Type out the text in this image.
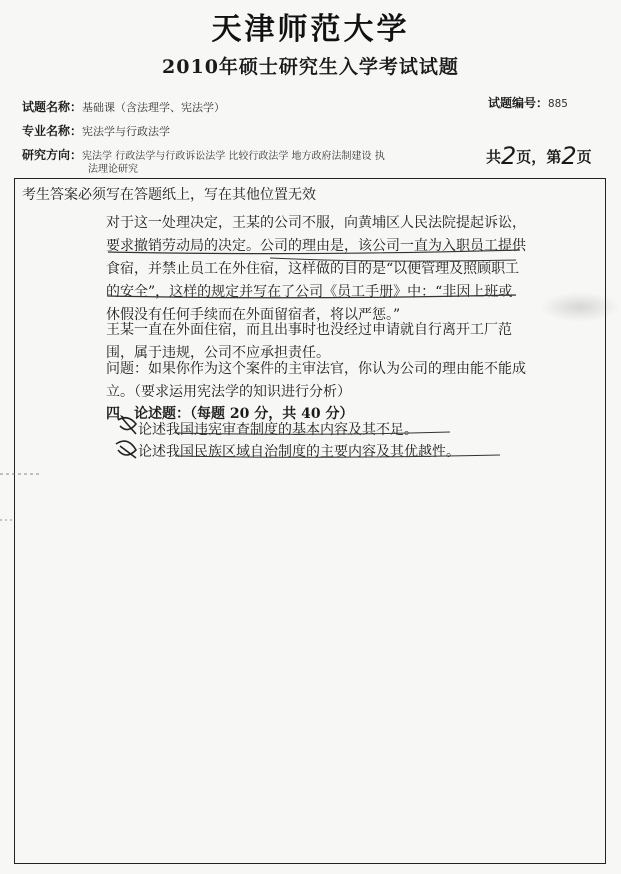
天津师范大学
2010年硕士研究生入学考试试题
试题名称：基础课（含法理学、宪法学）	试题编号：885
专业名称：宪法学与行政法学
研究方向：宪法学 行政法学与行政诉讼法学 比较行政法学 地方政府法制建设 执
法理论研究
共2页，第2页
考生答案必须写在答题纸上，写在其他位置无效
对于这一处理决定，王某的公司不服，向黄埔区人民法院提起诉讼，要求撤销劳动局的决定。公司的理由是，该公司一直为入职员工提供食宿，并禁止员工在外住宿，这样做的目的是“以便管理及照顾职工的安全”，这样的规定并写在了公司《员工手册》中：“非因上班或休假没有任何手续而在外面留宿者，将以严惩。”
王某一直在外面住宿，而且出事时也没经过申请就自行离开工厂范围，属于违规，公司不应承担责任。
问题：如果你作为这个案件的主审法官，你认为公司的理由能不能成立。（要求运用宪法学的知识进行分析）
四、论述题：（每题 20 分，共 40 分）
论述我国违宪审查制度的基本内容及其不足。
论述我国民族区域自治制度的主要内容及其优越性。
